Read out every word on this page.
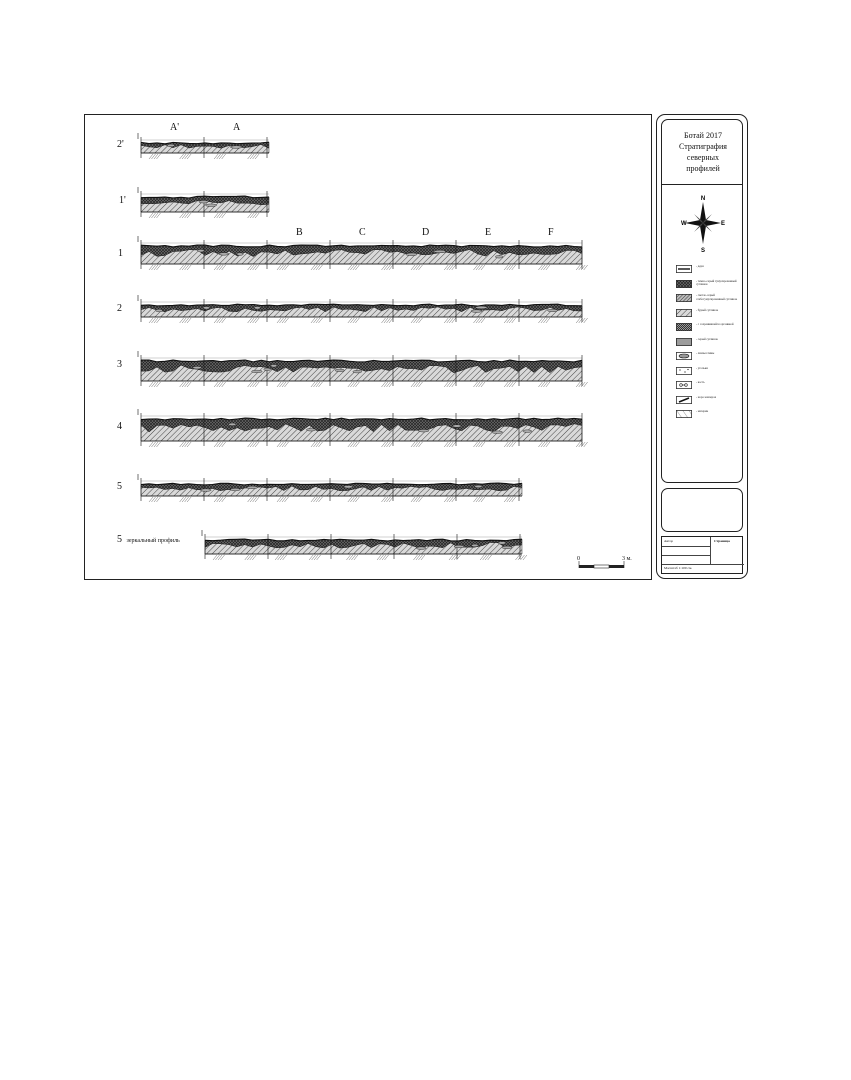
2'
1'
1
2
3
4
5
5 зеркальный профиль
A'	A
B	C	D	E	F
0	3 м.
Ботай 2017
Стратиграфия
северных
профилей
N
S
W	E
- дерн
- темно-серый гумусированный суглинок
- светло-серый слабогумусированный суглинок
- бурый суглинок
- с сохранившейся органикой
- серый суглинок
- линзы глины
- угольки
- кость
- нора землероя
- материк
Автор	Страница
Масштаб 1:100 см.
